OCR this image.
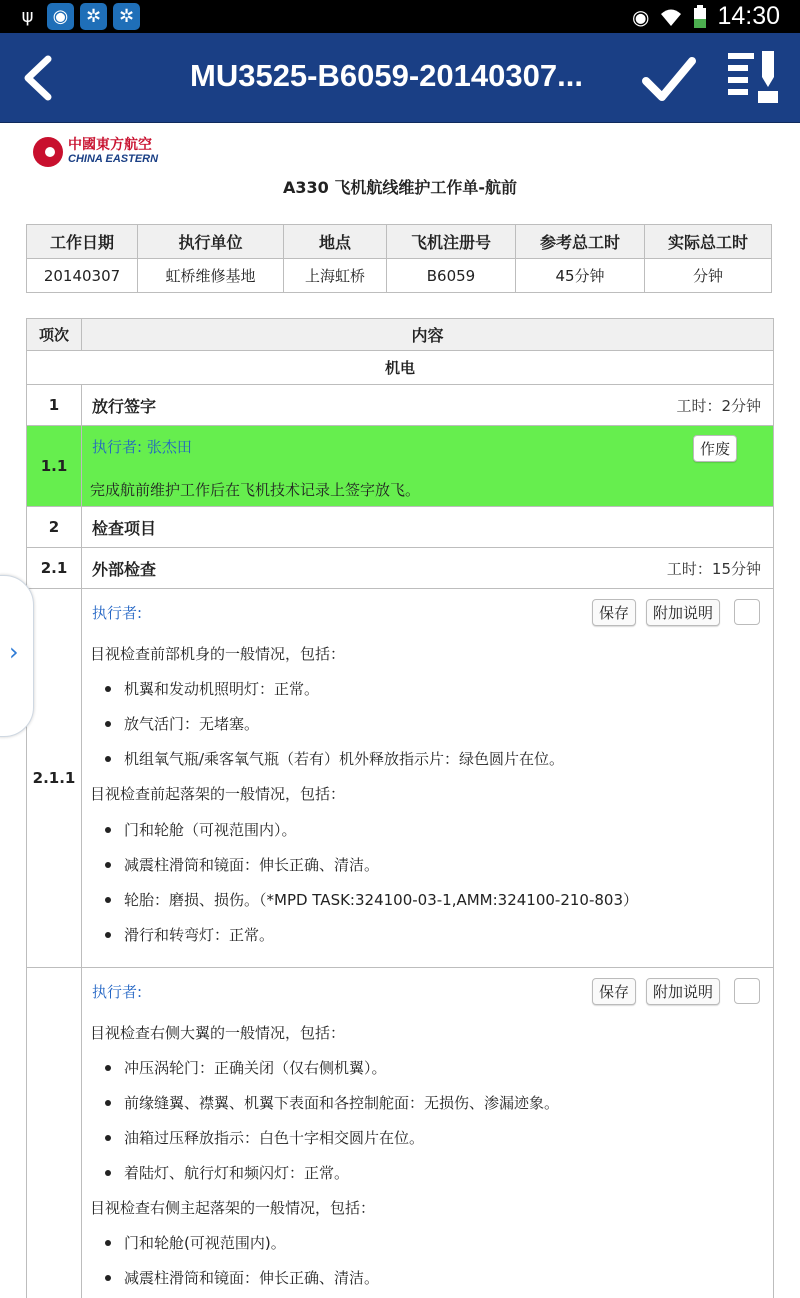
ψ	◉ ✲ ✲	◉	14:30
MU3525-B6059-20140307...
中國東方航空
CHINA EASTERN
A330 飞机航线维护工作单-航前
工作日期	执行单位	地点	飞机注册号	参考总工时	实际总工时
20140307	虹桥维修基地	上海虹桥	B6059	45分钟	分钟
项次	内容
机电
1	放行签字	工时：2分钟
1.1
执行者: 张杰田	作废
完成航前维护工作后在飞机技术记录上签字放飞。
2	检查项目
2.1	外部检查	工时：15分钟
2.1.1
执行者:	保存	附加说明
目视检查前部机身的一般情况，包括：
机翼和发动机照明灯：正常。
放气活门：无堵塞。
机组氧气瓶/乘客氧气瓶（若有）机外释放指示片：绿色圆片在位。
目视检查前起落架的一般情况，包括：
门和轮舱（可视范围内）。
减震柱滑筒和镜面：伸长正确、清洁。
轮胎：磨损、损伤。（*MPD TASK:324100-03-1,AMM:324100-210-803）
滑行和转弯灯：正常。
执行者:	保存	附加说明
目视检查右侧大翼的一般情况，包括：
冲压涡轮门：正确关闭（仅右侧机翼）。
前缘缝翼、襟翼、机翼下表面和各控制舵面：无损伤、渗漏迹象。
油箱过压释放指示：白色十字相交圆片在位。
着陆灯、航行灯和频闪灯：正常。
目视检查右侧主起落架的一般情况，包括：
门和轮舱(可视范围内)。
减震柱滑筒和镜面：伸长正确、清洁。
›
